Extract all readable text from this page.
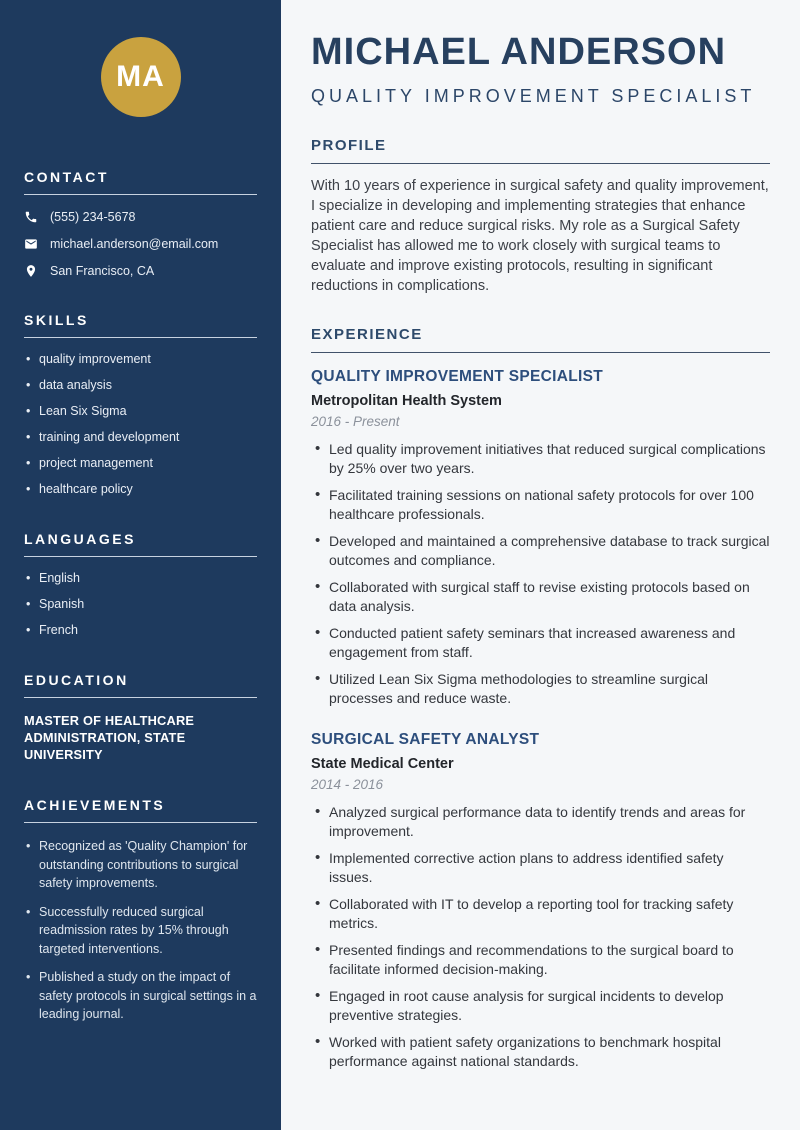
MA
CONTACT
(555) 234-5678
michael.anderson@email.com
San Francisco, CA
SKILLS
• quality improvement
• data analysis
• Lean Six Sigma
• training and development
• project management
• healthcare policy
LANGUAGES
• English
• Spanish
• French
EDUCATION
MASTER OF HEALTHCARE ADMINISTRATION, STATE UNIVERSITY
ACHIEVEMENTS
• Recognized as 'Quality Champion' for outstanding contributions to surgical safety improvements.
• Successfully reduced surgical readmission rates by 15% through targeted interventions.
• Published a study on the impact of safety protocols in surgical settings in a leading journal.
MICHAEL ANDERSON
QUALITY IMPROVEMENT SPECIALIST
PROFILE

With 10 years of experience in surgical safety and quality improvement, I specialize in developing and implementing strategies that enhance patient care and reduce surgical risks. My role as a Surgical Safety Specialist has allowed me to work closely with surgical teams to evaluate and improve existing protocols, resulting in significant reductions in complications.

EXPERIENCE
QUALITY IMPROVEMENT SPECIALIST
Metropolitan Health System
2016 - Present
• Led quality improvement initiatives that reduced surgical complications by 25% over two years.
• Facilitated training sessions on national safety protocols for over 100 healthcare professionals.
• Developed and maintained a comprehensive database to track surgical outcomes and compliance.
• Collaborated with surgical staff to revise existing protocols based on data analysis.
• Conducted patient safety seminars that increased awareness and engagement from staff.
• Utilized Lean Six Sigma methodologies to streamline surgical processes and reduce waste.
SURGICAL SAFETY ANALYST
State Medical Center
2014 - 2016
• Analyzed surgical performance data to identify trends and areas for improvement.
• Implemented corrective action plans to address identified safety issues.
• Collaborated with IT to develop a reporting tool for tracking safety metrics.
• Presented findings and recommendations to the surgical board to facilitate informed decision-making.
• Engaged in root cause analysis for surgical incidents to develop preventive strategies.
• Worked with patient safety organizations to benchmark hospital performance against national standards.
